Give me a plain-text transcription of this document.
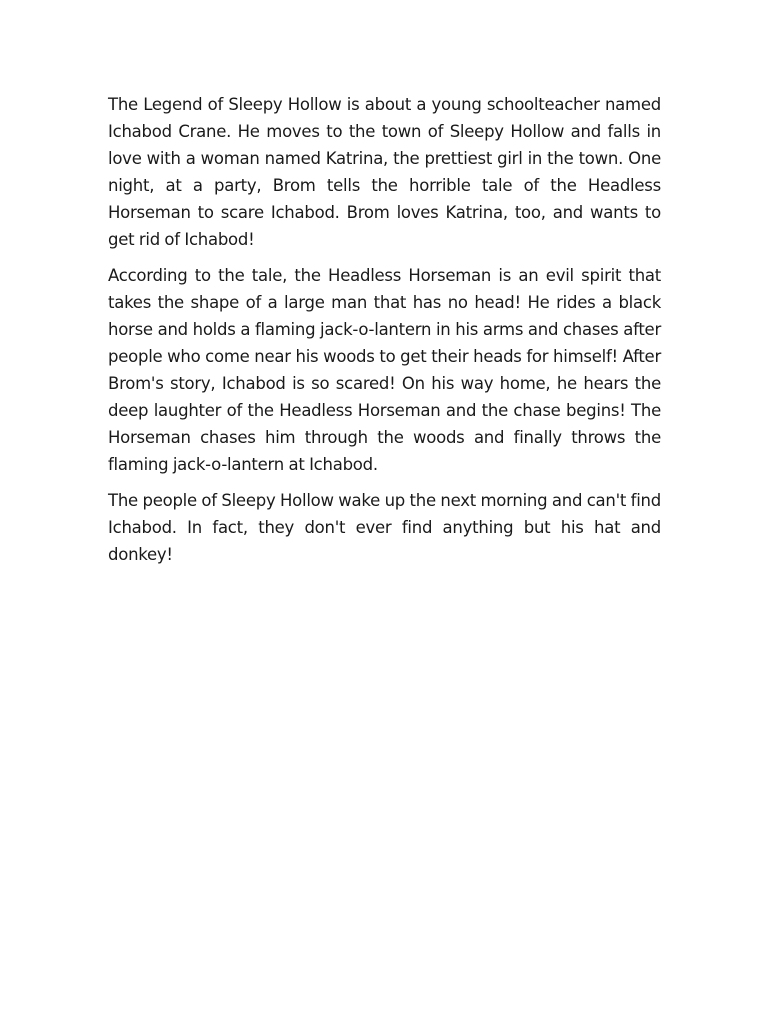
The Legend of Sleepy Hollow is about a young schoolteacher named Ichabod Crane. He moves to the town of Sleepy Hollow and falls in love with a woman named Katrina, the prettiest girl in the town. One night, at a party, Brom tells the horrible tale of the Headless Horseman to scare Ichabod. Brom loves Katrina, too, and wants to get rid of Ichabod!

According to the tale, the Headless Horseman is an evil spirit that takes the shape of a large man that has no head! He rides a black horse and holds a flaming jack-o-lantern in his arms and chases after people who come near his woods to get their heads for himself! After Brom's story, Ichabod is so scared! On his way home, he hears the deep laughter of the Headless Horseman and the chase begins! The Horseman chases him through the woods and finally throws the flaming jack-o-lantern at Ichabod.

The people of Sleepy Hollow wake up the next morning and can't find Ichabod. In fact, they don't ever find anything but his hat and donkey!
